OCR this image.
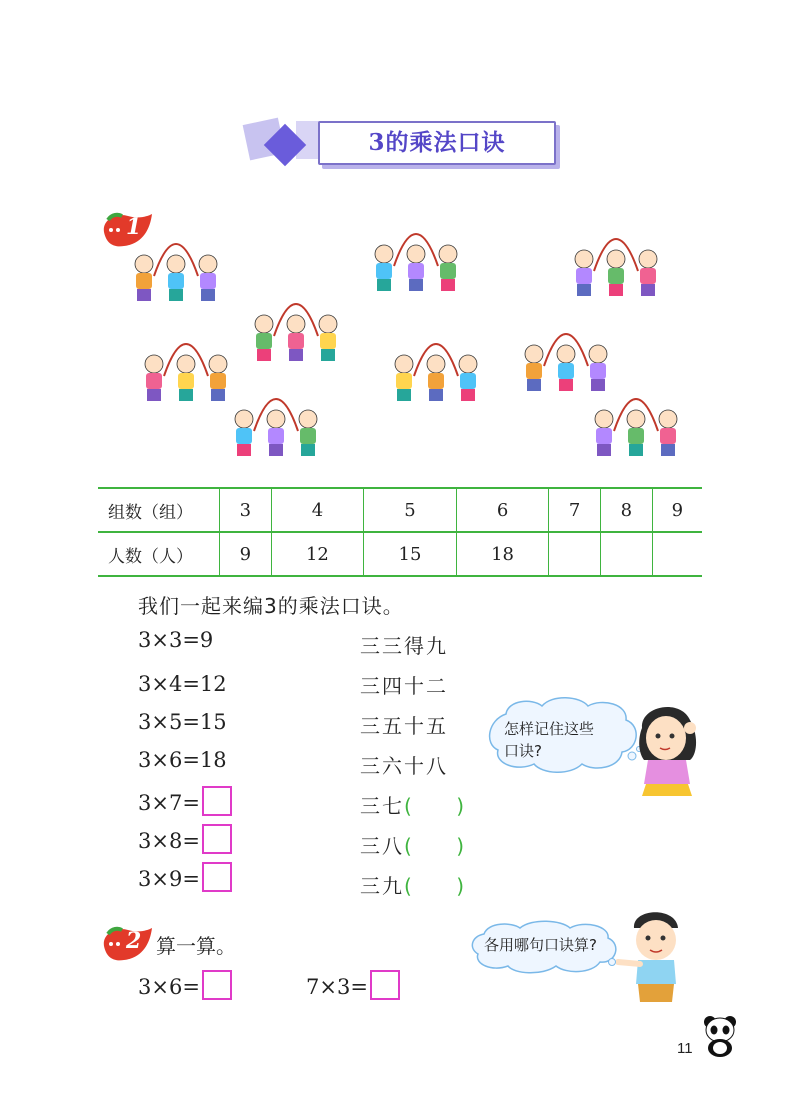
3的乘法口诀
1
组数（组）	3	4	5	6	7	8	9
人数（人）	9	12	15	18			
我们一起来编3的乘法口诀。
3×3=9
3×4=12
3×5=15
3×6=18
3×7=
3×8=
3×9=
三三得九
三四十二
三五十五
三六十八
三七(       )
三八(       )
三九(       )
怎样记住这些
口诀?
2 算一算。
3×6=	7×3=
各用哪句口诀算?
11
